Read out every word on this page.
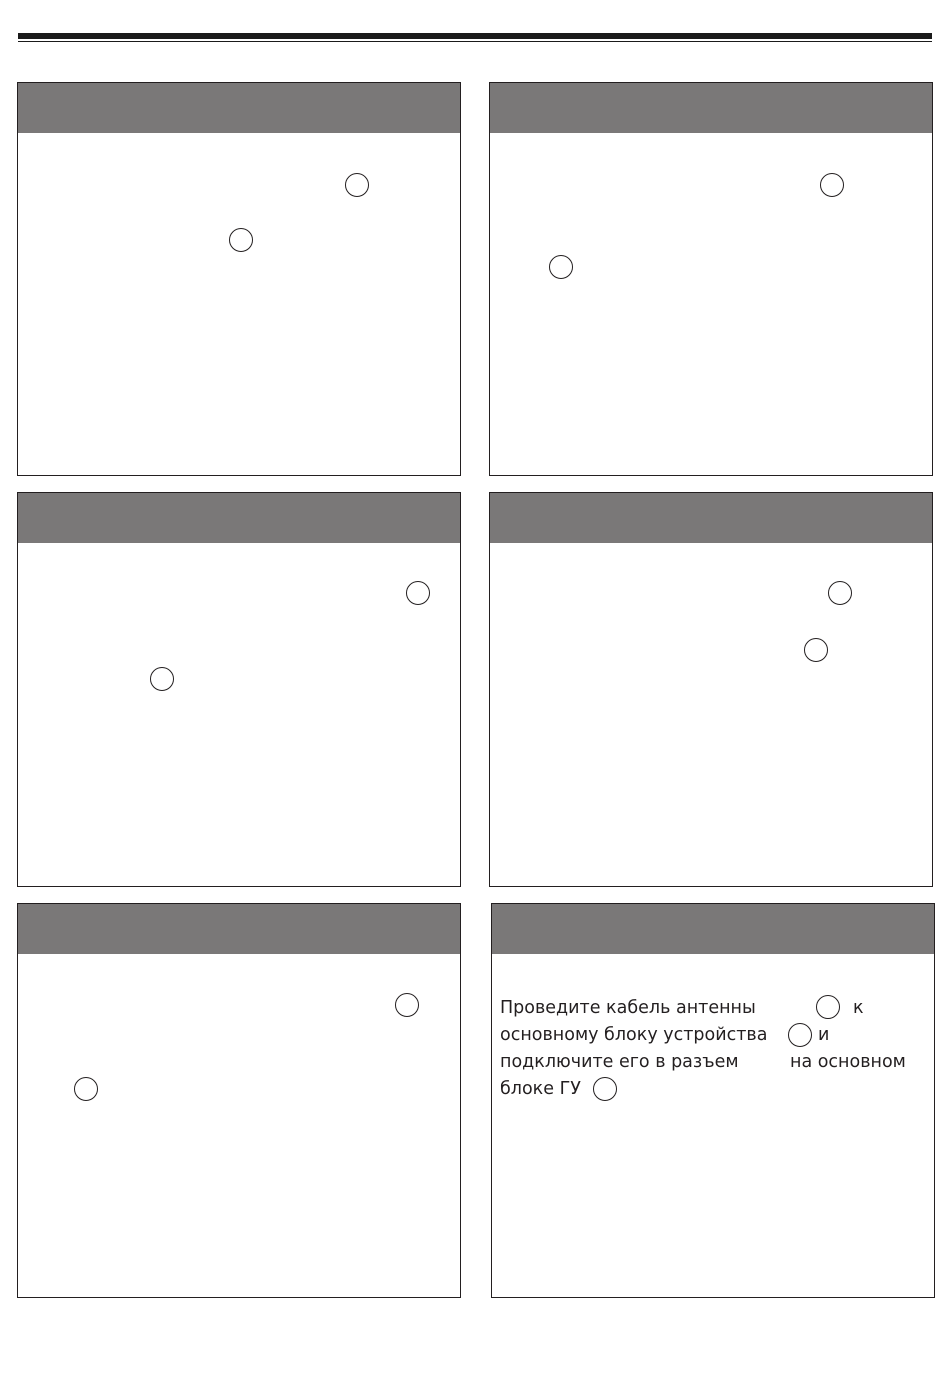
Проведите кабель антенны	к
основному блоку устройства	и
подключите его в разъем	на основном
блоке ГУ
